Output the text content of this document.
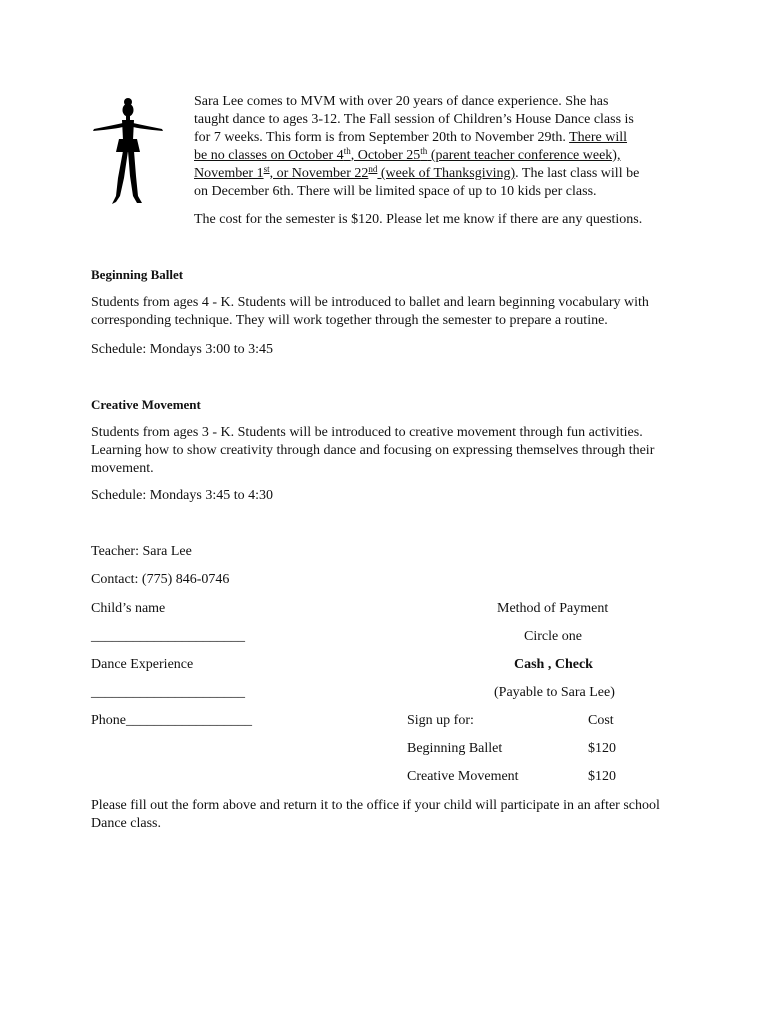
Sara Lee comes to MVM with over 20 years of dance experience. She has
taught dance to ages 3-12. The Fall session of Children’s House Dance class is
for 7 weeks. This form is from September 20th to November 29th. There will
be no classes on October 4th, October 25th (parent teacher conference week),
November 1st, or November 22nd (week of Thanksgiving). The last class will be
on December 6th. There will be limited space of up to 10 kids per class.
The cost for the semester is $120. Please let me know if there are any questions.
Beginning Ballet
Students from ages 4 - K. Students will be introduced to ballet and learn beginning vocabulary with corresponding technique. They will work together through the semester to prepare a routine.
Schedule: Mondays 3:00 to 3:45
Creative Movement
Students from ages 3 - K. Students will be introduced to creative movement through fun activities. Learning how to show creativity through dance and focusing on expressing themselves through their movement.
Schedule: Mondays 3:45 to 4:30
Teacher: Sara Lee
Contact: (775) 846-0746
Child’s name
______________________
Dance Experience
______________________
Phone__________________
Method of Payment
Circle one
Cash , Check
(Payable to Sara Lee)
Sign up for:	Cost
Beginning Ballet	$120
Creative Movement	$120
Please fill out the form above and return it to the office if your child will participate in an after school Dance class.
